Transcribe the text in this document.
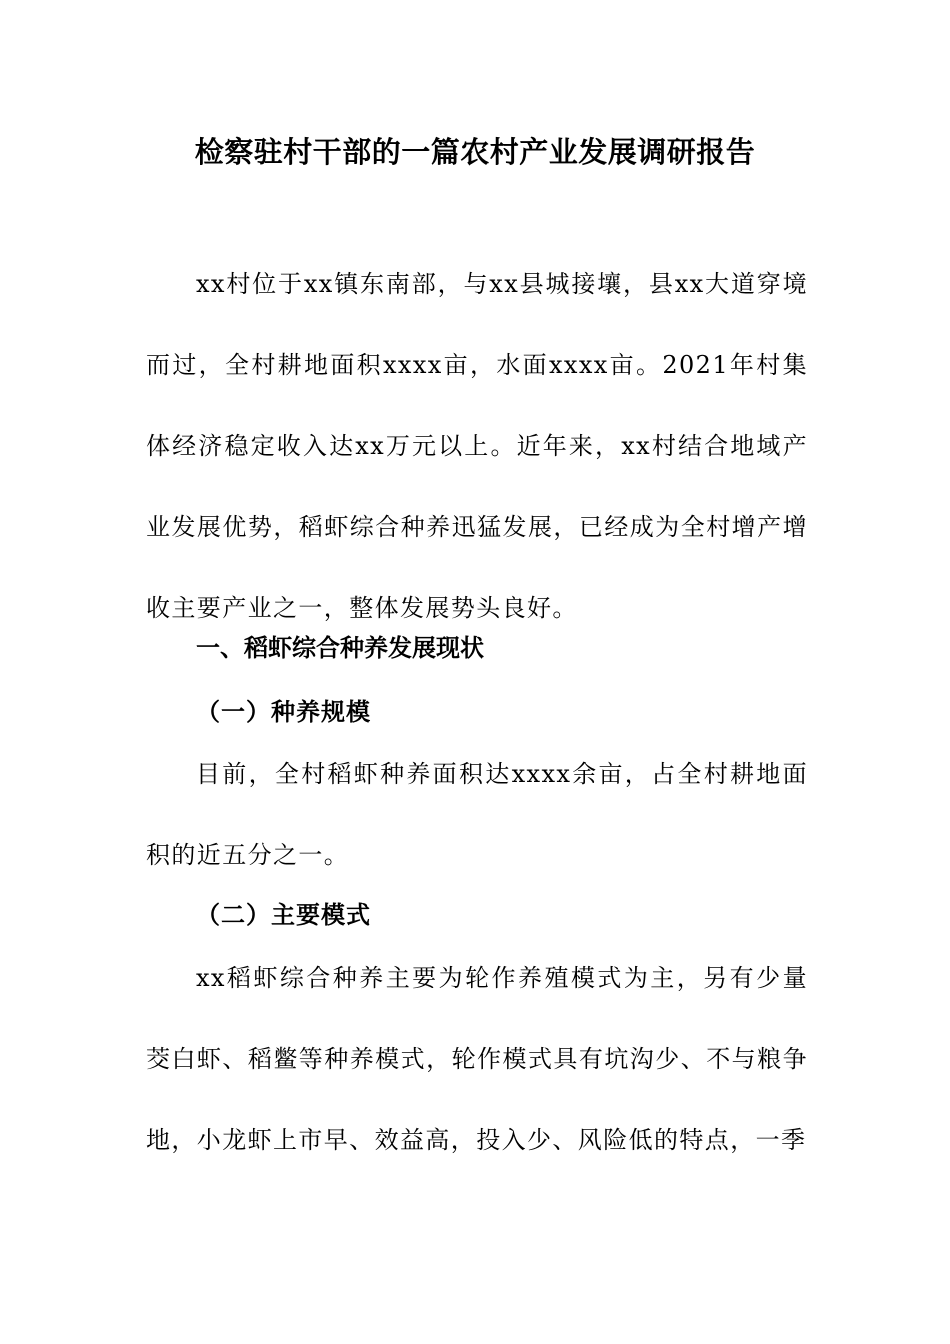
检察驻村干部的一篇农村产业发展调研报告

xx村位于xx镇东南部，与xx县城接壤，县xx大道穿境而过，全村耕地面积xxxx亩，水面xxxx亩。2021年村集体经济稳定收入达xx万元以上。近年来，xx村结合地域产业发展优势，稻虾综合种养迅猛发展，已经成为全村增产增收主要产业之一，整体发展势头良好。

一、稻虾综合种养发展现状
（一）种养规模

目前，全村稻虾种养面积达xxxx余亩，占全村耕地面积的近五分之一。

（二）主要模式

xx稻虾综合种养主要为轮作养殖模式为主，另有少量茭白虾、稻鳖等种养模式，轮作模式具有坑沟少、不与粮争地，小龙虾上市早、效益高，投入少、风险低的特点，一季
